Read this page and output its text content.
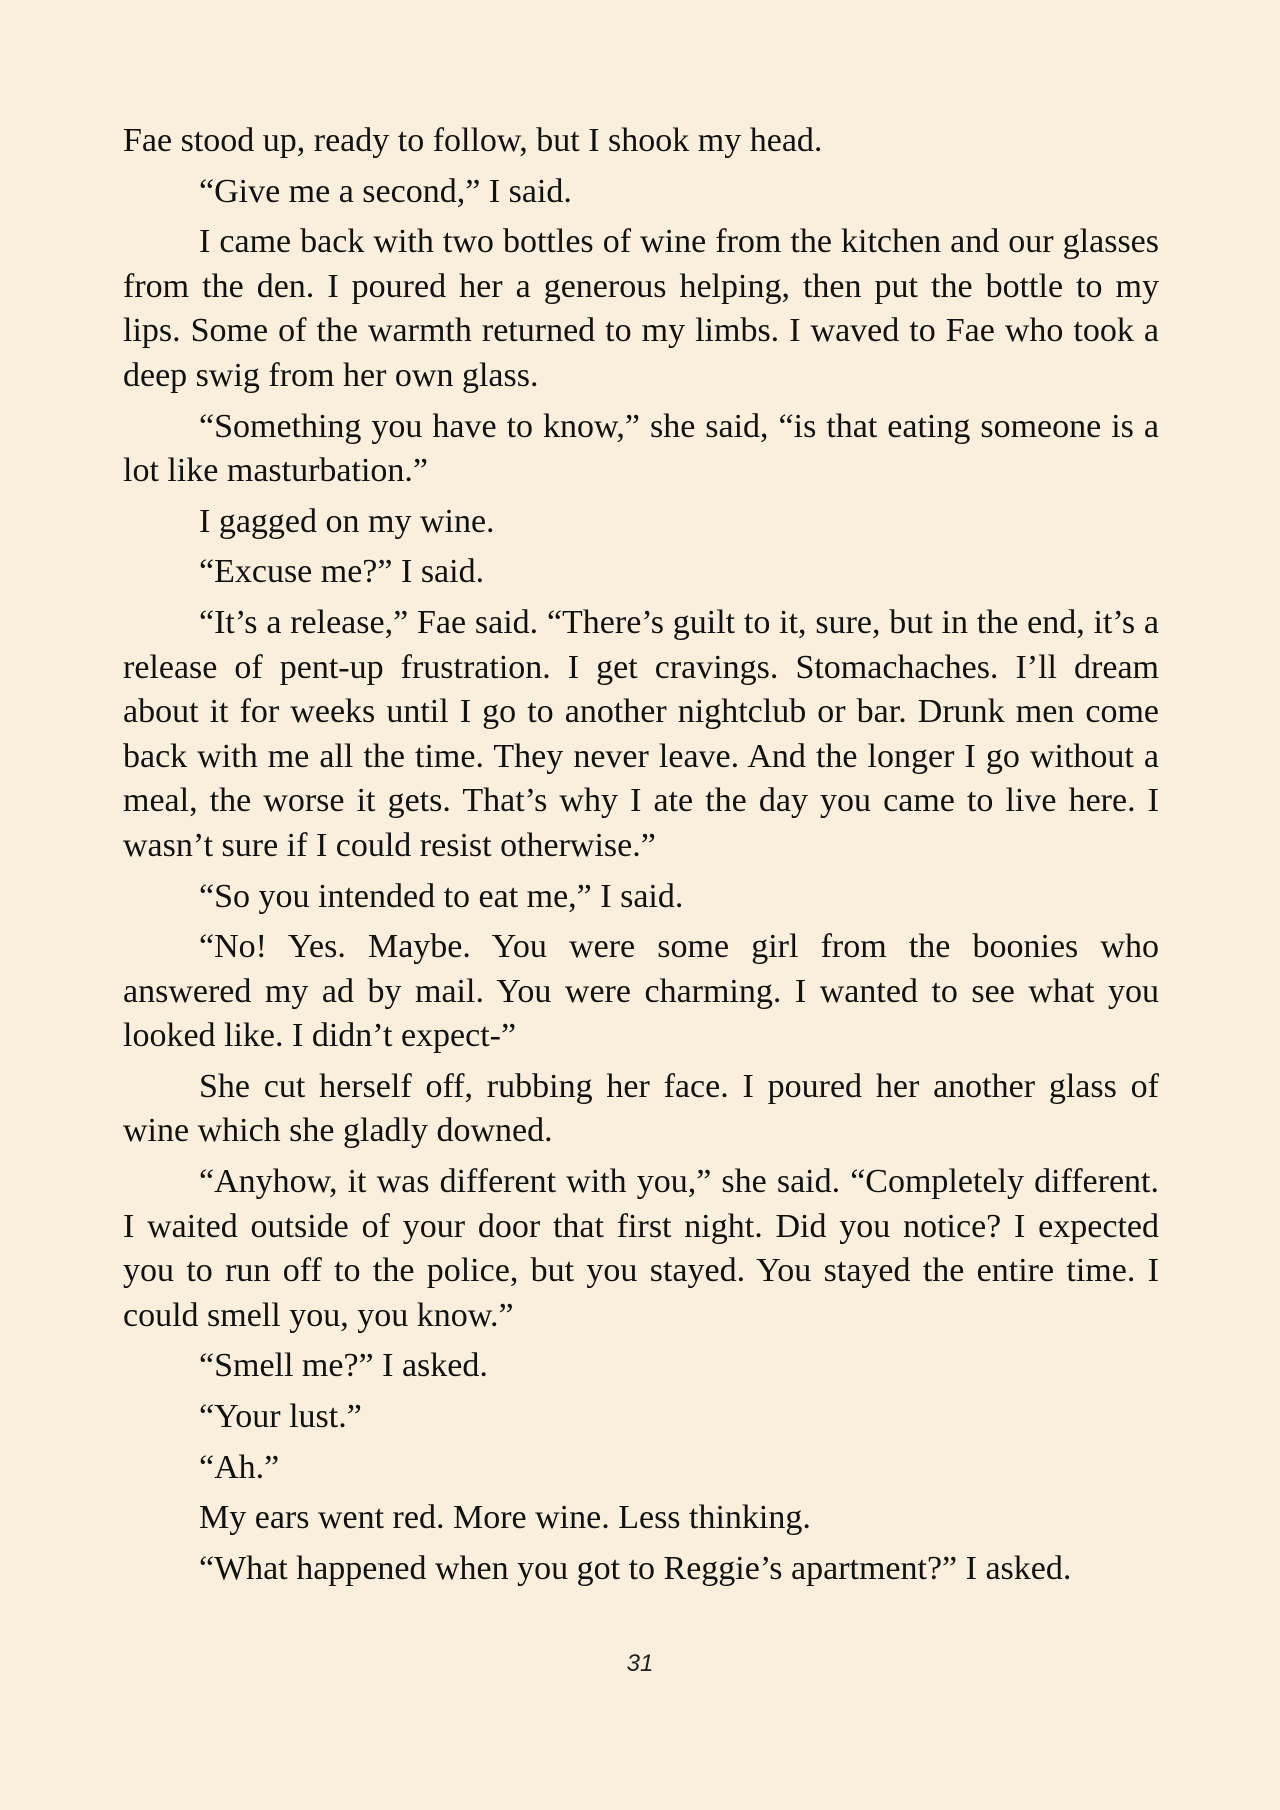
Fae stood up, ready to follow, but I shook my head.

“Give me a second,” I said.

I came back with two bottles of wine from the kitchen and our glasses from the den. I poured her a generous helping, then put the bottle to my lips. Some of the warmth returned to my limbs. I waved to Fae who took a deep swig from her own glass.

“Something you have to know,” she said, “is that eating someone is a lot like masturbation.”

I gagged on my wine.

“Excuse me?” I said.

“It’s a release,” Fae said. “There’s guilt to it, sure, but in the end, it’s a release of pent-up frustration. I get cravings. Stomachaches. I’ll dream about it for weeks until I go to another nightclub or bar. Drunk men come back with me all the time. They never leave. And the longer I go without a meal, the worse it gets. That’s why I ate the day you came to live here. I wasn’t sure if I could resist otherwise.”

“So you intended to eat me,” I said.

“No! Yes. Maybe. You were some girl from the boonies who answered my ad by mail. You were charming. I wanted to see what you looked like. I didn’t expect-”

She cut herself off, rubbing her face. I poured her another glass of wine which she gladly downed.

“Anyhow, it was different with you,” she said. “Completely different. I waited outside of your door that first night. Did you notice? I expected you to run off to the police, but you stayed. You stayed the entire time. I could smell you, you know.”

“Smell me?” I asked.

“Your lust.”

“Ah.”

My ears went red. More wine. Less thinking.

“What happened when you got to Reggie’s apartment?” I asked.

31
